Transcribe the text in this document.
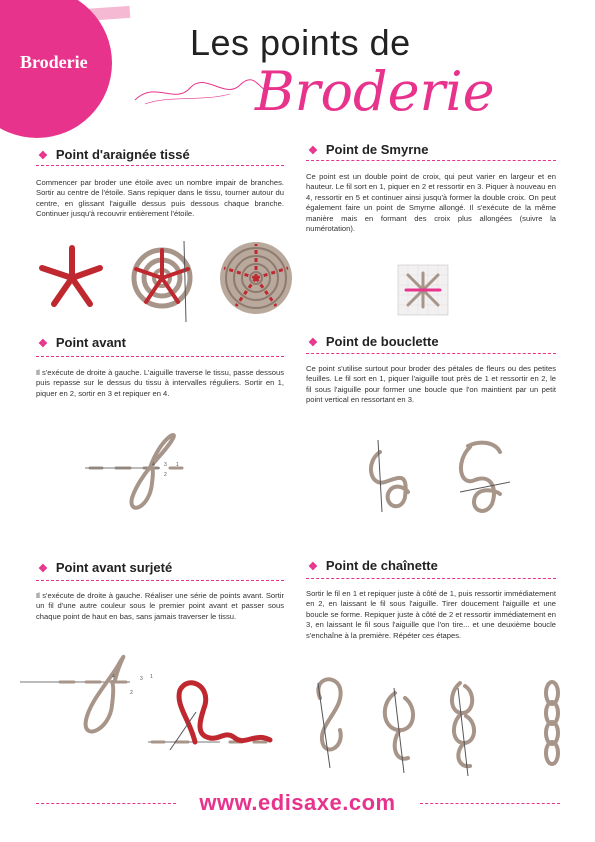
Broderie	Les points de
Broderie
❖ Point d'araignée tissé
Commencer par broder une étoile avec un nombre impair de branches. Sortir au centre de l'étoile. Sans repiquer dans le tissu, tourner autour du centre, en glissant l'aiguille dessus puis dessous chaque branche. Continuer jusqu'à recouvrir entièrement l'étoile.
❖ Point de Smyrne
Ce point est un double point de croix, qui peut varier en largeur et en hauteur. Le fil sort en 1, piquer en 2 et ressortir en 3. Piquer à nouveau en 4, ressortir en 5 et continuer ainsi jusqu'à former la double croix. On peut également faire un point de Smyrne allongé. Il s'exécute de la même manière mais en formant des croix plus allongées (suivre la numérotation).
❖ Point avant
Il s'exécute de droite à gauche. L'aiguille traverse le tissu, passe dessous puis repasse sur le dessus du tissu à intervalles réguliers. Sortir en 1, piquer en 2, sortir en 3 et repiquer en 4.
4 3 1
2
❖ Point de bouclette
Ce point s'utilise surtout pour broder des pétales de fleurs ou des petites feuilles. Le fil sort en 1, piquer l'aiguille tout près de 1 et ressortir en 2, le fil sous l'aiguille pour former une boucle que l'on maintient par un petit point vertical en ressortant en 3.
❖ Point avant surjeté
Il s'exécute de droite à gauche. Réaliser une série de points avant. Sortir un fil d'une autre couleur sous le premier point avant et passer sous chaque point de haut en bas, sans jamais traverser le tissu.
4	3 1
2
❖ Point de chaînette
Sortir le fil en 1 et repiquer juste à côté de 1, puis ressortir immédiatement en 2, en laissant le fil sous l'aiguille. Tirer doucement l'aiguille et une boucle se forme. Repiquer juste à côté de 2 et ressortir immédiatement en 3, en laissant le fil sous l'aiguille que l'on tire... et une deuxième boucle s'enchaîne à la première. Répéter ces étapes.
www.edisaxe.com
